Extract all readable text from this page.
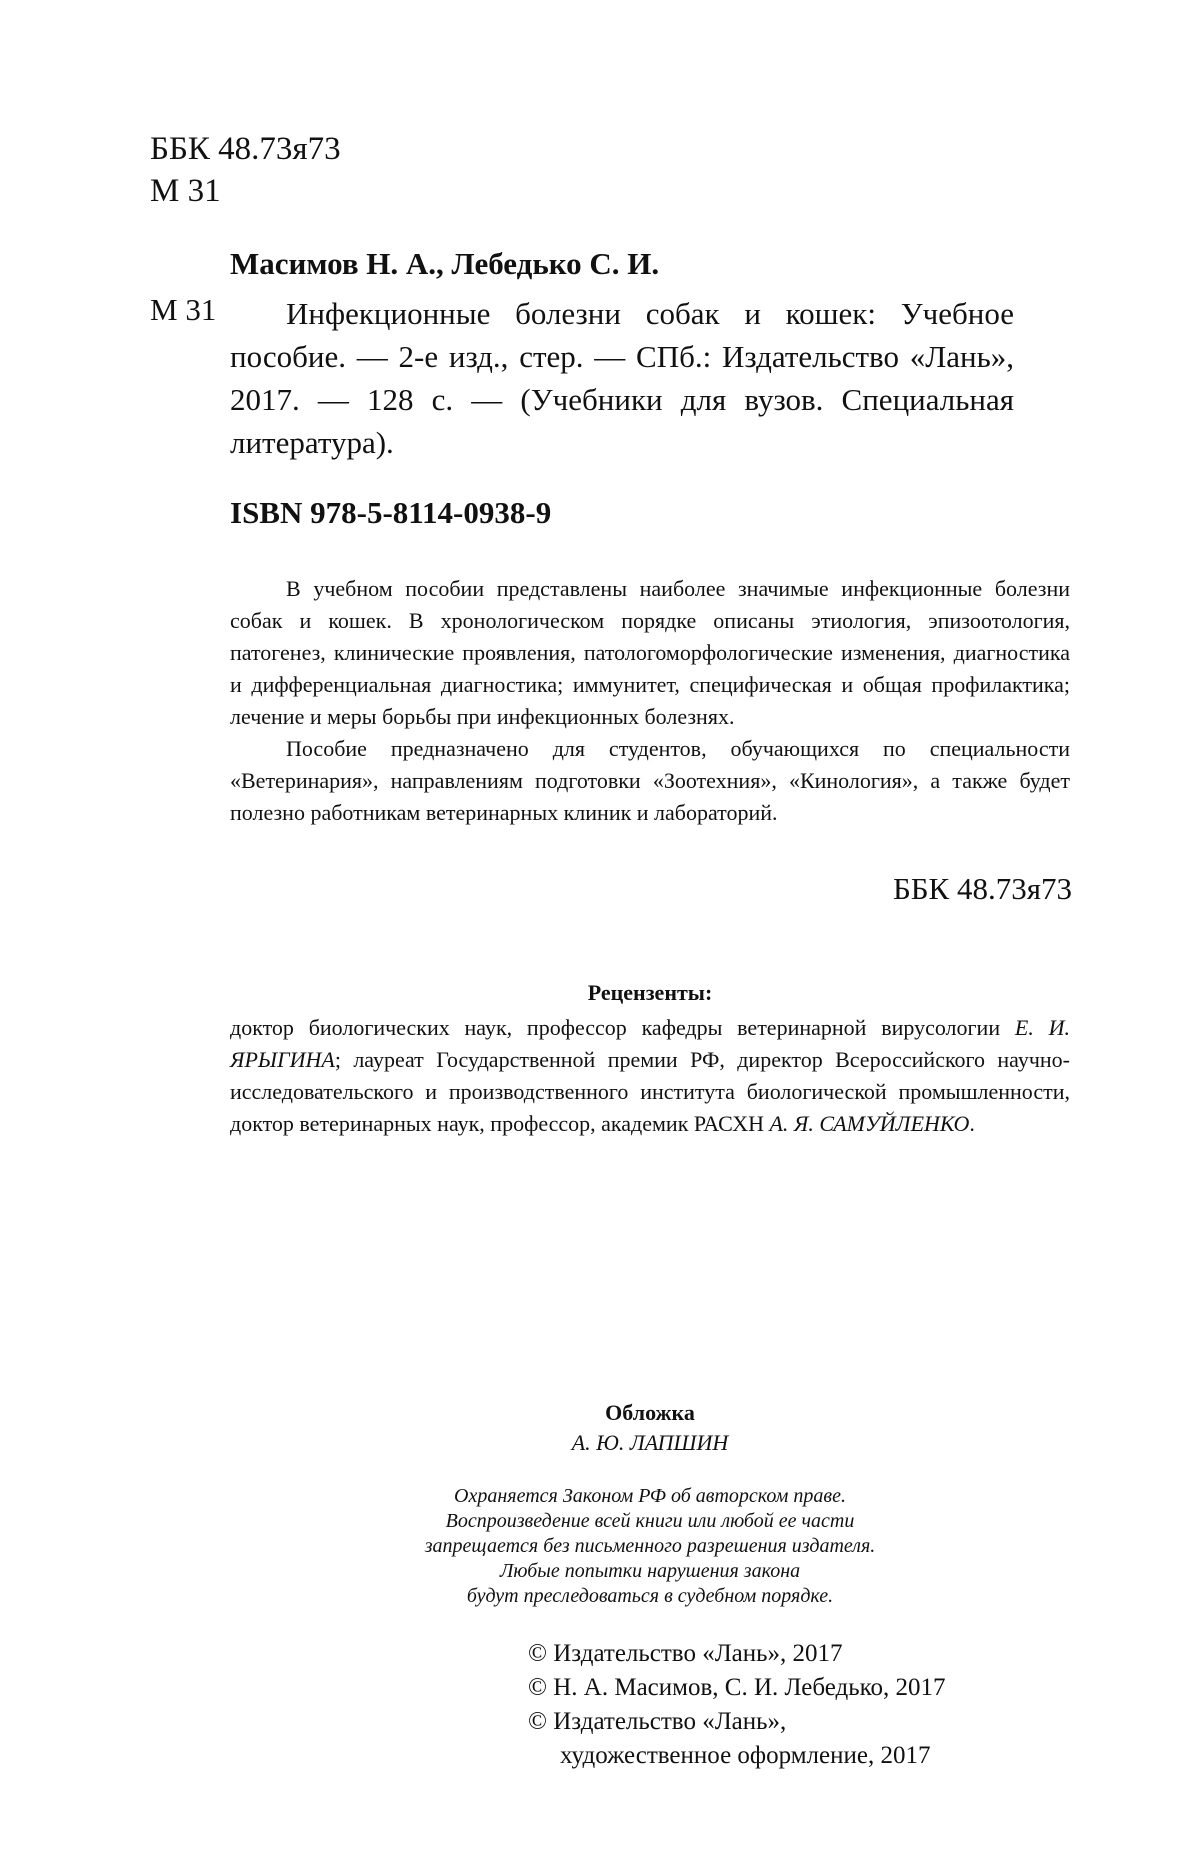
ББК 48.73я73
М 31
Масимов Н. А., Лебедько С. И.
М 31	Инфекционные болезни собак и кошек: Учебное пособие. — 2-е изд., стер. — СПб.: Издательство «Лань», 2017. — 128 с. — (Учебники для вузов. Специальная литература).
ISBN 978-5-8114-0938-9

В учебном пособии представлены наиболее значимые инфекционные болезни собак и кошек. В хронологическом порядке описаны этиология, эпизоотология, патогенез, клинические проявления, патологоморфологические изменения, диагностика и дифференциальная диагностика; иммунитет, специфическая и общая профилактика; лечение и меры борьбы при инфекционных болезнях.

Пособие предназначено для студентов, обучающихся по специальности «Ветеринария», направлениям подготовки «Зоотехния», «Кинология», а также будет полезно работникам ветеринарных клиник и лабораторий.

ББК 48.73я73
Рецензенты:
доктор биологических наук, профессор кафедры ветеринарной вирусологии Е. И. ЯРЫГИНА; лауреат Государственной премии РФ, директор Всероссийского научно-исследовательского и производственного института биологической промышленности, доктор ветеринарных наук, профессор, академик РАСХН А. Я. САМУЙЛЕНКО.
Обложка
А. Ю. ЛАПШИН
Охраняется Законом РФ об авторском праве.
Воспроизведение всей книги или любой ее части
запрещается без письменного разрешения издателя.
Любые попытки нарушения закона
будут преследоваться в судебном порядке.
© Издательство «Лань», 2017
© Н. А. Масимов, С. И. Лебедько, 2017
© Издательство «Лань»,
художественное оформление, 2017
